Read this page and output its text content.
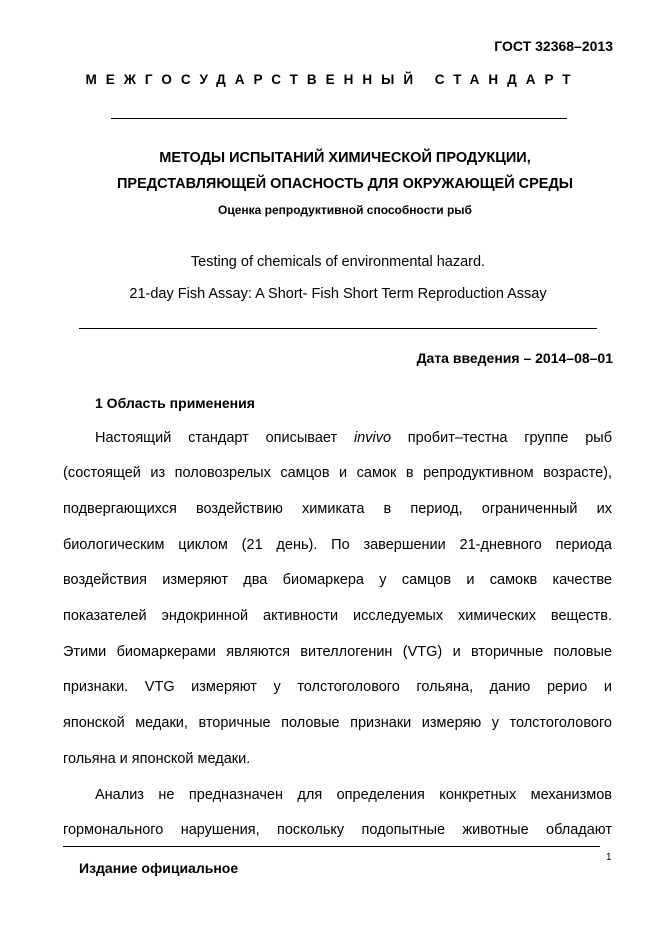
ГОСТ 32368–2013
МЕЖГОСУДАРСТВЕННЫЙ СТАНДАРТ
МЕТОДЫ ИСПЫТАНИЙ ХИМИЧЕСКОЙ ПРОДУКЦИИ,
ПРЕДСТАВЛЯЮЩЕЙ ОПАСНОСТЬ ДЛЯ ОКРУЖАЮЩЕЙ СРЕДЫ
Оценка репродуктивной способности рыб
Testing of chemicals of environmental hazard.
21-day Fish Assay: A Short- Fish Short Term Reproduction Assay
Дата введения – 2014–08–01
1 Область применения
Настоящий стандарт описывает invivo пробит–тестна группе рыб
(состоящей из половозрелых самцов и самок в репродуктивном возрасте),
подвергающихся воздействию химиката в период, ограниченный их
биологическим циклом (21 день). По завершении 21-дневного периода
воздействия измеряют два биомаркера у самцов и самокв качестве
показателей эндокринной активности исследуемых химических веществ.
Этими биомаркерами являются вителлогенин (VTG) и вторичные половые
признаки. VTG измеряют у толстоголового гольяна, данио рерио и
японской медаки, вторичные половые признаки измеряю у толстоголового
гольяна и японской медаки.
Анализ не предназначен для определения конкретных механизмов
гормонального нарушения, поскольку подопытные животные обладают
1
Издание официальное
